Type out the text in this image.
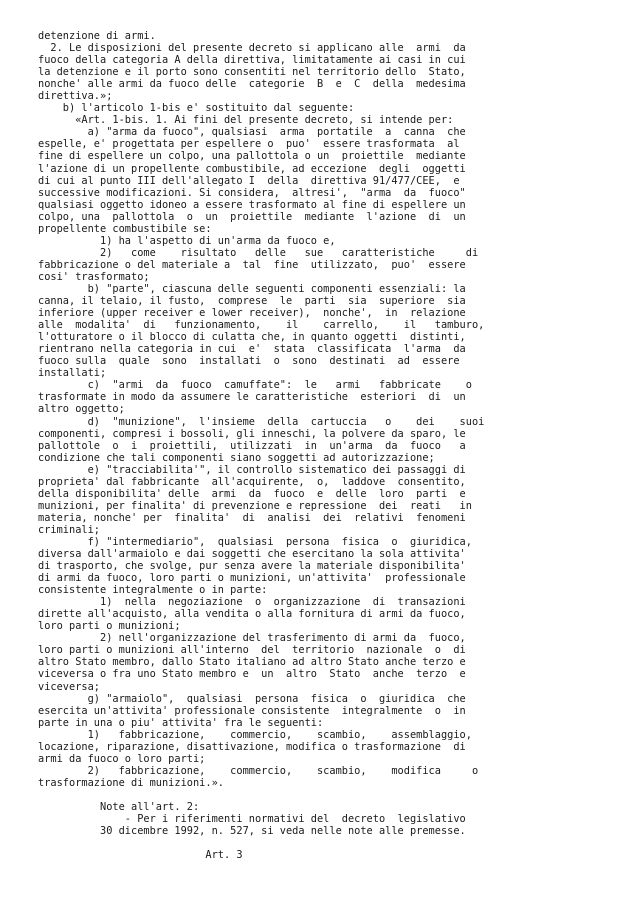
detenzione di armi.
2. Le disposizioni del presente decreto si applicano alle  armi  da
fuoco della categoria A della direttiva, limitatamente ai casi in cui
la detenzione e il porto sono consentiti nel territorio dello  Stato,
nonche' alle armi da fuoco delle  categorie  B  e  C  della  medesima
direttiva.»;
b) l'articolo 1-bis e' sostituito dal seguente:
«Art. 1-bis. 1. Ai fini del presente decreto, si intende per:
a) "arma da fuoco", qualsiasi  arma  portatile  a  canna  che
espelle, e' progettata per espellere o  puo'  essere trasformata  al
fine di espellere un colpo, una pallottola o un  proiettile  mediante
l'azione di un propellente combustibile, ad eccezione  degli  oggetti
di cui al punto III dell'allegato I  della  direttiva 91/477/CEE,  e
successive modificazioni. Si considera,  altresi',  "arma  da  fuoco"
qualsiasi oggetto idoneo a essere trasformato al fine di espellere un
colpo, una  pallottola  o  un  proiettile  mediante  l'azione  di  un
propellente combustibile se:
1) ha l'aspetto di un'arma da fuoco e,
2)   come    risultato   delle   sue   caratteristiche     di
fabbricazione o del materiale a  tal  fine  utilizzato,  puo'  essere
cosi' trasformato;
b) "parte", ciascuna delle seguenti componenti essenziali: la
canna, il telaio, il fusto,  comprese  le  parti  sia  superiore  sia
inferiore (upper receiver e lower receiver),  nonche',  in  relazione
alle  modalita'  di   funzionamento,    il    carrello,    il   tamburo,
l'otturatore o il blocco di culatta che, in quanto oggetti  distinti,
rientrano nella categoria in cui  e'  stata  classificata  l'arma  da
fuoco sulla  quale  sono  installati  o  sono  destinati  ad  essere
installati;
c)  "armi  da  fuoco  camuffate":  le   armi   fabbricate    o
trasformate in modo da assumere le caratteristiche  esteriori  di  un
altro oggetto;
d)  "munizione",  l'insieme  della  cartuccia   o    dei    suoi
componenti, compresi i bossoli, gli inneschi, la polvere da sparo, le
pallottole  o  i  proiettili,  utilizzati  in  un'arma  da  fuoco   a
condizione che tali componenti siano soggetti ad autorizzazione;
e) "tracciabilita'", il controllo sistematico dei passaggi di
proprieta' dal fabbricante  all'acquirente,  o,  laddove  consentito,
della disponibilita' delle  armi  da  fuoco  e  delle  loro  parti  e
munizioni, per finalita' di prevenzione e repressione  dei  reati   in
materia, nonche' per  finalita'  di  analisi  dei  relativi  fenomeni
criminali;
f) "intermediario",  qualsiasi  persona  fisica  o  giuridica,
diversa dall'armaiolo e dai soggetti che esercitano la sola attivita'
di trasporto, che svolge, pur senza avere la materiale disponibilita'
di armi da fuoco, loro parti o munizioni, un'attivita'  professionale
consistente integralmente o in parte:
1)  nella  negoziazione  o  organizzazione  di  transazioni
dirette all'acquisto, alla vendita o alla fornitura di armi da fuoco,
loro parti o munizioni;
2) nell'organizzazione del trasferimento di armi da  fuoco,
loro parti o munizioni all'interno  del  territorio  nazionale  o  di
altro Stato membro, dallo Stato italiano ad altro Stato anche terzo e
viceversa o fra uno Stato membro e  un  altro  Stato  anche  terzo  e
viceversa;
g) "armaiolo",  qualsiasi  persona  fisica  o  giuridica  che
esercita un'attivita' professionale consistente  integralmente  o  in
parte in una o piu' attivita' fra le seguenti:
1)   fabbricazione,    commercio,    scambio,    assemblaggio,
locazione, riparazione, disattivazione, modifica o trasformazione  di
armi da fuoco o loro parti;
2)   fabbricazione,    commercio,    scambio,    modifica     o
trasformazione di munizioni.».
Note all'art. 2:
- Per i riferimenti normativi del  decreto  legislativo
30 dicembre 1992, n. 527, si veda nelle note alle premesse.
Art. 3
